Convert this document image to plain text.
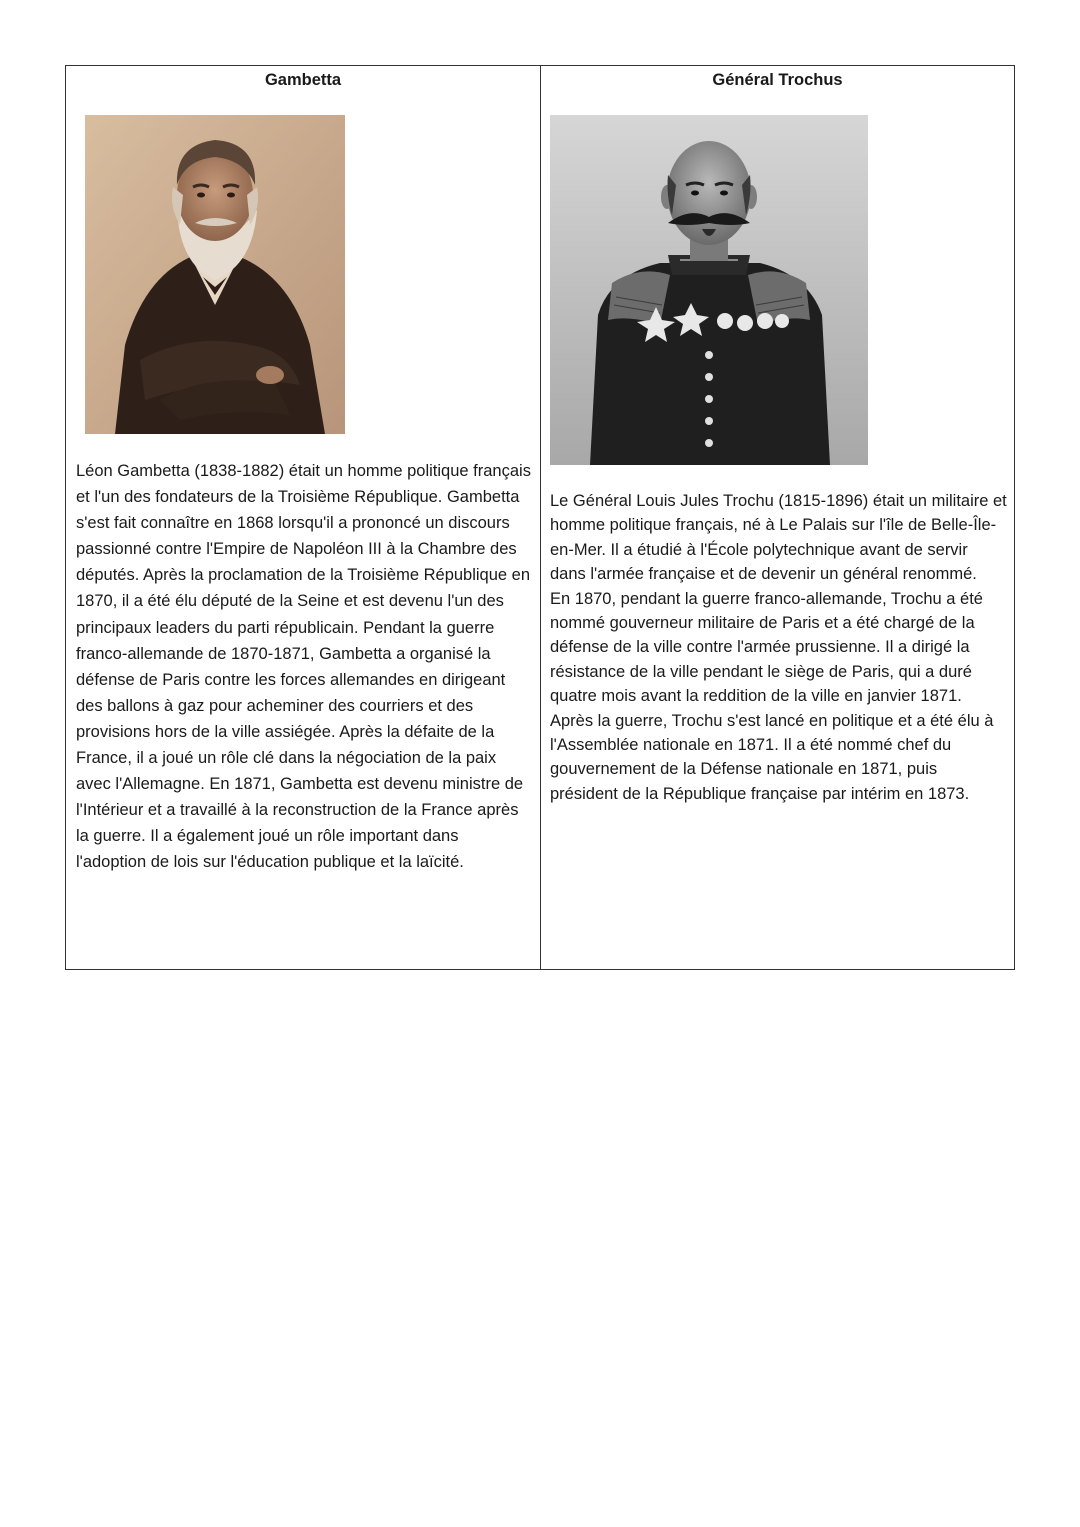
Gambetta

Léon Gambetta (1838-1882) était un homme politique français et l'un des fondateurs de la Troisième République. Gambetta s'est fait connaître en 1868 lorsqu'il a prononcé un discours passionné contre l'Empire de Napoléon III à la Chambre des députés. Après la proclamation de la Troisième République en 1870, il a été élu député de la Seine et est devenu l'un des principaux leaders du parti républicain. Pendant la guerre franco-allemande de 1870-1871, Gambetta a organisé la défense de Paris contre les forces allemandes en dirigeant des ballons à gaz pour acheminer des courriers et des provisions hors de la ville assiégée. Après la défaite de la France, il a joué un rôle clé dans la négociation de la paix avec l'Allemagne. En 1871, Gambetta est devenu ministre de l'Intérieur et a travaillé à la reconstruction de la France après la guerre. Il a également joué un rôle important dans l'adoption de lois sur l'éducation publique et la laïcité.

Général Trochus

Le Général Louis Jules Trochu (1815-1896) était un militaire et homme politique français, né à Le Palais sur l'île de Belle-Île-en-Mer. Il a étudié à l'École polytechnique avant de servir dans l'armée française et de devenir un général renommé.

En 1870, pendant la guerre franco-allemande, Trochu a été nommé gouverneur militaire de Paris et a été chargé de la défense de la ville contre l'armée prussienne. Il a dirigé la résistance de la ville pendant le siège de Paris, qui a duré quatre mois avant la reddition de la ville en janvier 1871.

Après la guerre, Trochu s'est lancé en politique et a été élu à l'Assemblée nationale en 1871. Il a été nommé chef du gouvernement de la Défense nationale en 1871, puis président de la République française par intérim en 1873.
